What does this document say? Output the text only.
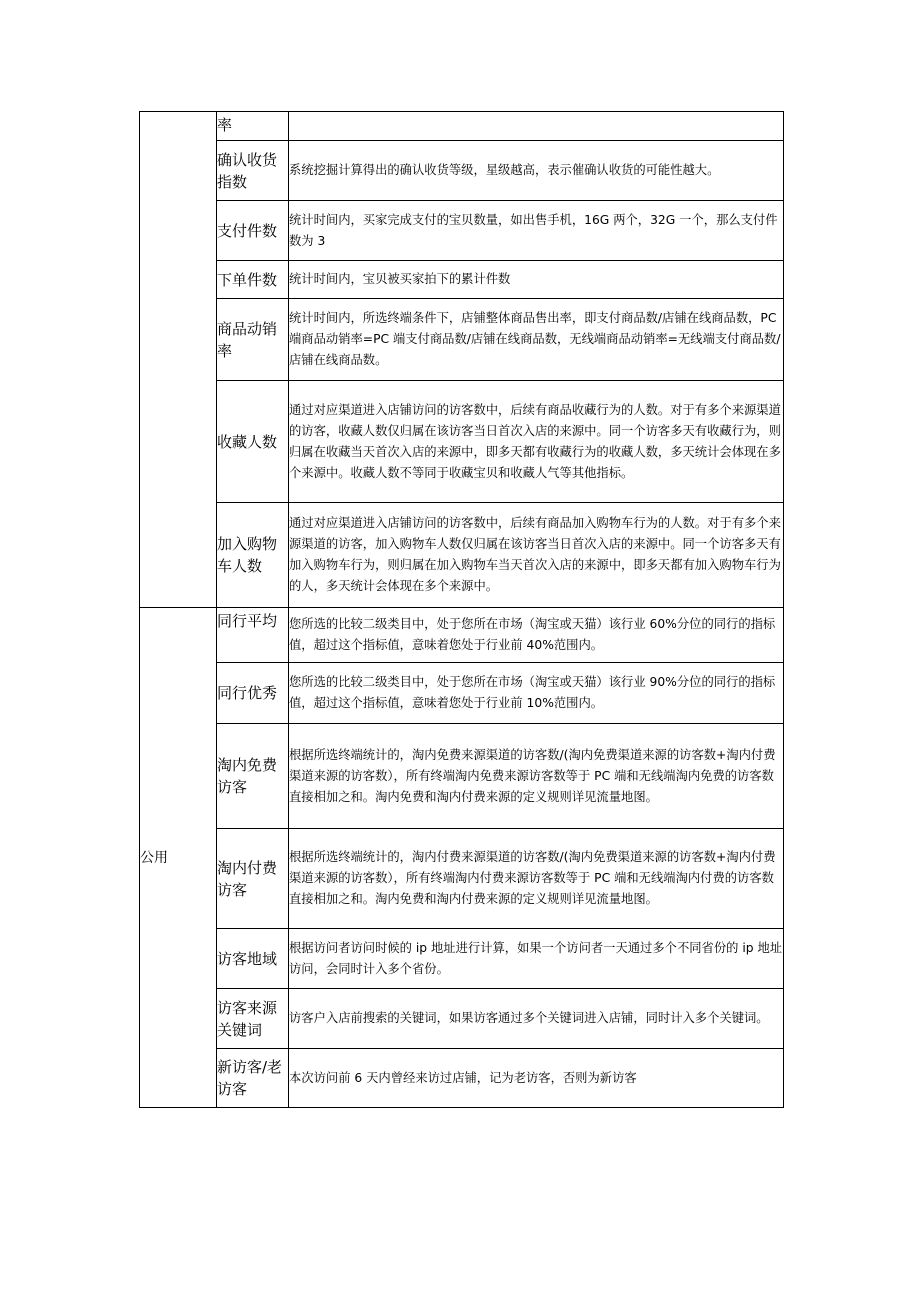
	率	
	确认收货指数	系统挖掘计算得出的确认收货等级，星级越高，表示催确认收货的可能性越大。
	支付件数	统计时间内，买家完成支付的宝贝数量，如出售手机，16G 两个，32G 一个，那么支付件数为 3
	下单件数	统计时间内，宝贝被买家拍下的累计件数
	商品动销率	统计时间内，所选终端条件下，店铺整体商品售出率，即支付商品数/店铺在线商品数，PC 端商品动销率=PC 端支付商品数/店铺在线商品数，无线端商品动销率=无线端支付商品数/店铺在线商品数。
	收藏人数	通过对应渠道进入店铺访问的访客数中，后续有商品收藏行为的人数。对于有多个来源渠道的访客，收藏人数仅归属在该访客当日首次入店的来源中。同一个访客多天有收藏行为，则归属在收藏当天首次入店的来源中，即多天都有收藏行为的收藏人数，多天统计会体现在多个来源中。收藏人数不等同于收藏宝贝和收藏人气等其他指标。
	加入购物车人数	通过对应渠道进入店铺访问的访客数中，后续有商品加入购物车行为的人数。对于有多个来源渠道的访客，加入购物车人数仅归属在该访客当日首次入店的来源中。同一个访客多天有加入购物车行为，则归属在加入购物车当天首次入店的来源中，即多天都有加入购物车行为的人，多天统计会体现在多个来源中。
公用	同行平均	您所选的比较二级类目中，处于您所在市场（淘宝或天猫）该行业 60%分位的同行的指标值，超过这个指标值，意味着您处于行业前 40%范围内。
	同行优秀	您所选的比较二级类目中，处于您所在市场（淘宝或天猫）该行业 90%分位的同行的指标值，超过这个指标值，意味着您处于行业前 10%范围内。
	淘内免费访客	根据所选终端统计的，淘内免费来源渠道的访客数/(淘内免费渠道来源的访客数+淘内付费渠道来源的访客数），所有终端淘内免费来源访客数等于 PC 端和无线端淘内免费的访客数直接相加之和。淘内免费和淘内付费来源的定义规则详见流量地图。
	淘内付费访客	根据所选终端统计的，淘内付费来源渠道的访客数/(淘内免费渠道来源的访客数+淘内付费渠道来源的访客数），所有终端淘内付费来源访客数等于 PC 端和无线端淘内付费的访客数直接相加之和。淘内免费和淘内付费来源的定义规则详见流量地图。
	访客地域	根据访问者访问时候的 ip 地址进行计算，如果一个访问者一天通过多个不同省份的 ip 地址访问，会同时计入多个省份。
	访客来源关键词	访客户入店前搜索的关键词，如果访客通过多个关键词进入店铺，同时计入多个关键词。
	新访客/老访客	本次访问前 6 天内曾经来访过店铺，记为老访客，否则为新访客
